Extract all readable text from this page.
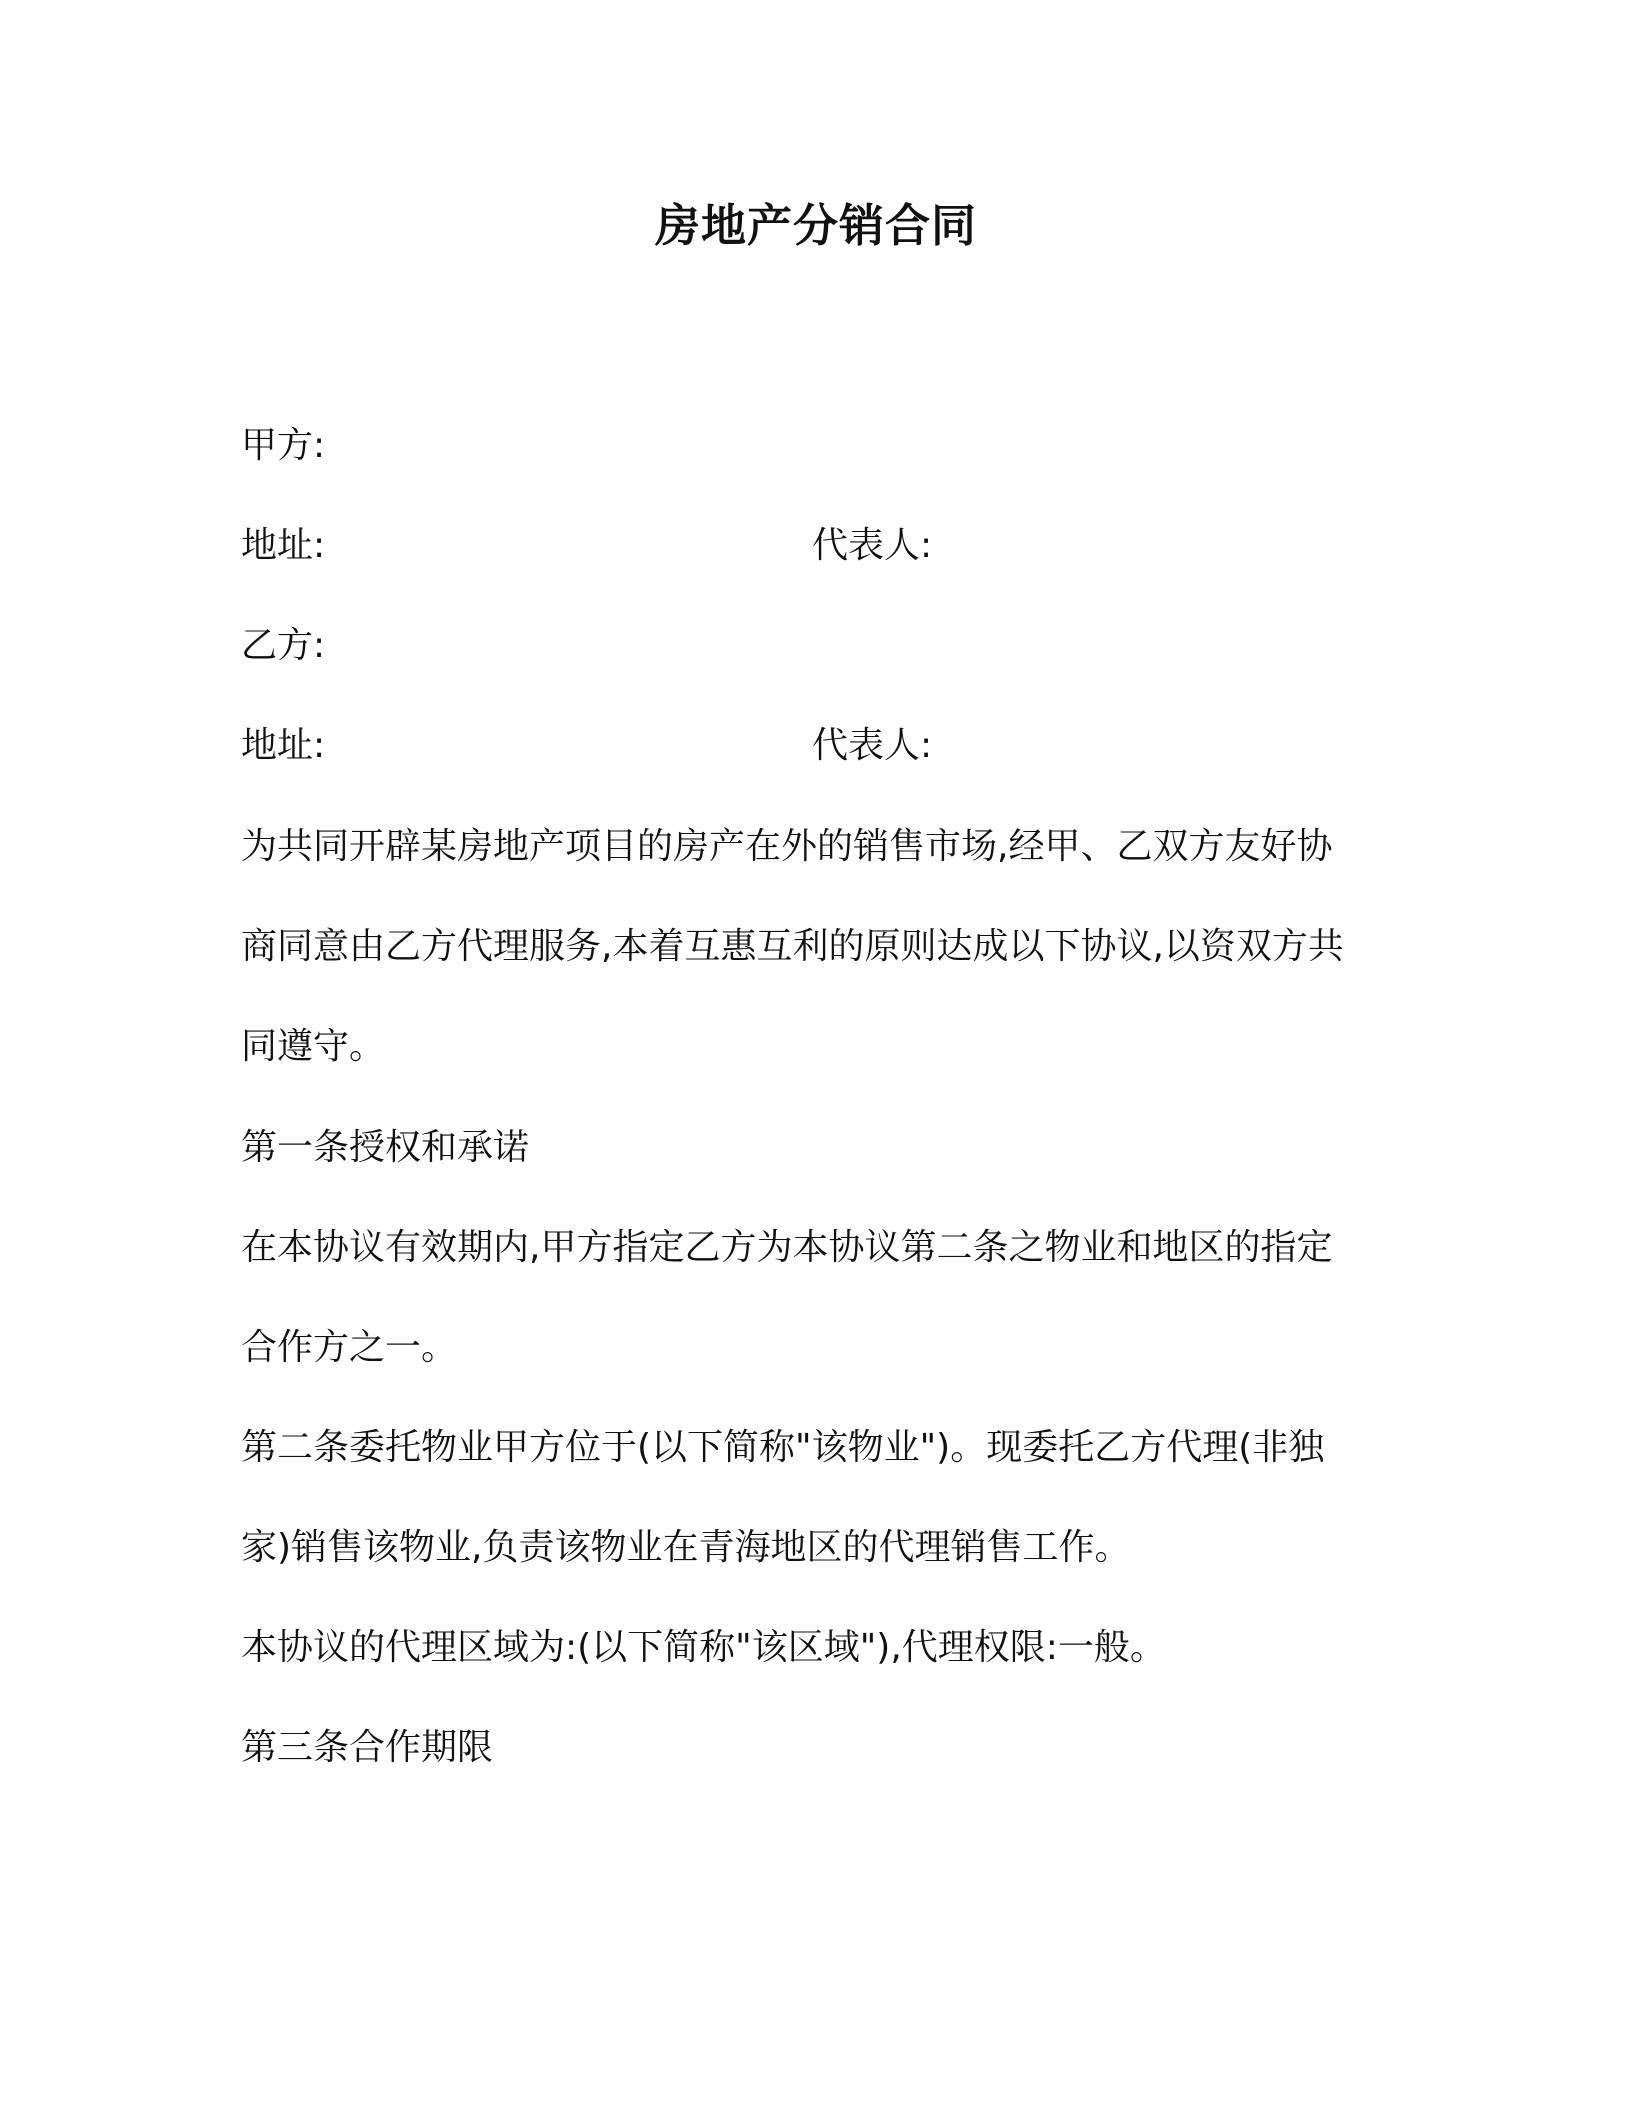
房地产分销合同
甲方:
地址:	代表人:
乙方:
地址:	代表人:
为共同开辟某房地产项目的房产在外的销售市场,经甲、乙双方友好协
商同意由乙方代理服务,本着互惠互利的原则达成以下协议,以资双方共
同遵守。
第一条授权和承诺
在本协议有效期内,甲方指定乙方为本协议第二条之物业和地区的指定
合作方之一。
第二条委托物业甲方位于(以下简称"该物业")。现委托乙方代理(非独
家)销售该物业,负责该物业在青海地区的代理销售工作。
本协议的代理区域为:(以下简称"该区域"),代理权限:一般。
第三条合作期限
